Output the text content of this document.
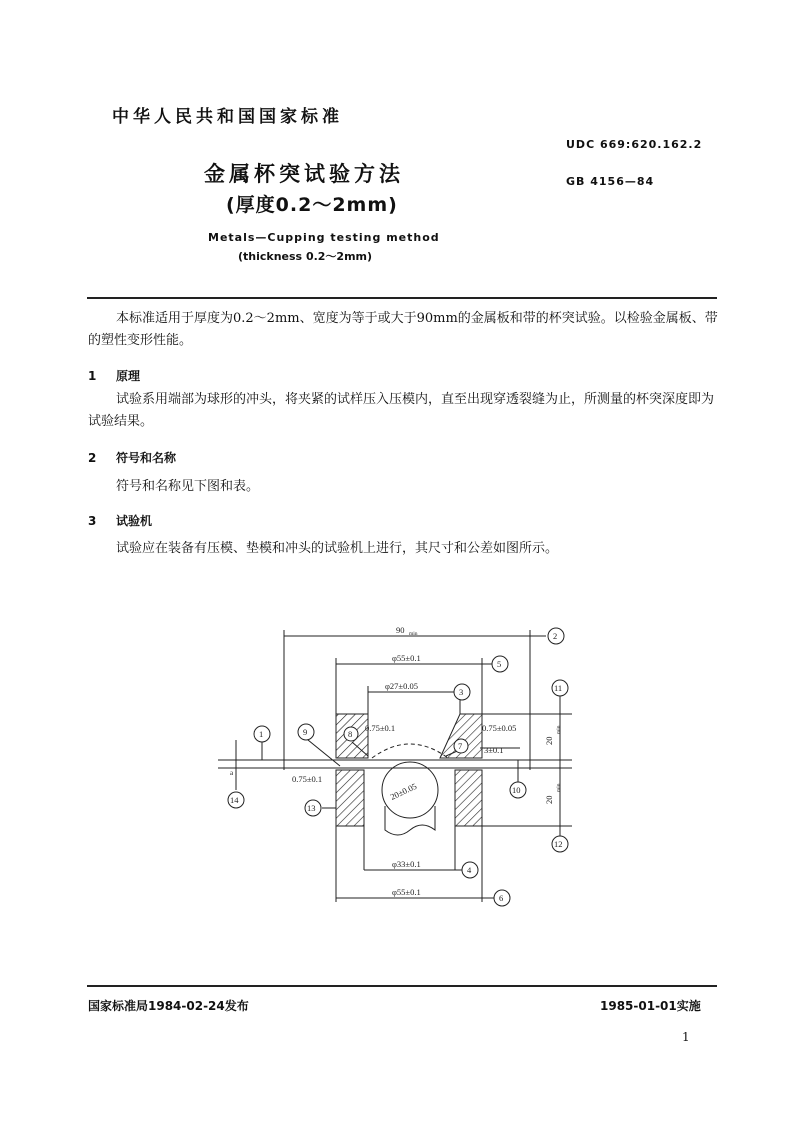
中华人民共和国国家标准
UDC 669:620.162.2
GB 4156—84
金属杯突试验方法
(厚度0.2～2mm)
Metals—Cupping testing method
(thickness 0.2～2mm)
本标准适用于厚度为0.2～2mm、宽度为等于或大于90mm的金属板和带的杯突试验。以检验金属板、带的塑性变形性能。
1 原理
试验系用端部为球形的冲头，将夹紧的试样压入压模内，直至出现穿透裂缝为止，所测量的杯突深度即为试验结果。
2 符号和名称
符号和名称见下图和表。
3 试验机
试验应在装备有压模、垫模和冲头的试验机上进行，其尺寸和公差如图所示。
90 min
φ55±0.1
φ27±0.05
0.75±0.1	0.75±0.05
3±0.1
0.75±0.1
20±0.05
a
20
min
20
min
φ33±0.1
φ55±0.1
1
2
3
4
5
6
7
8
9
10
11
12
13
14
国家标准局1984-02-24发布	1985-01-01实施
1
